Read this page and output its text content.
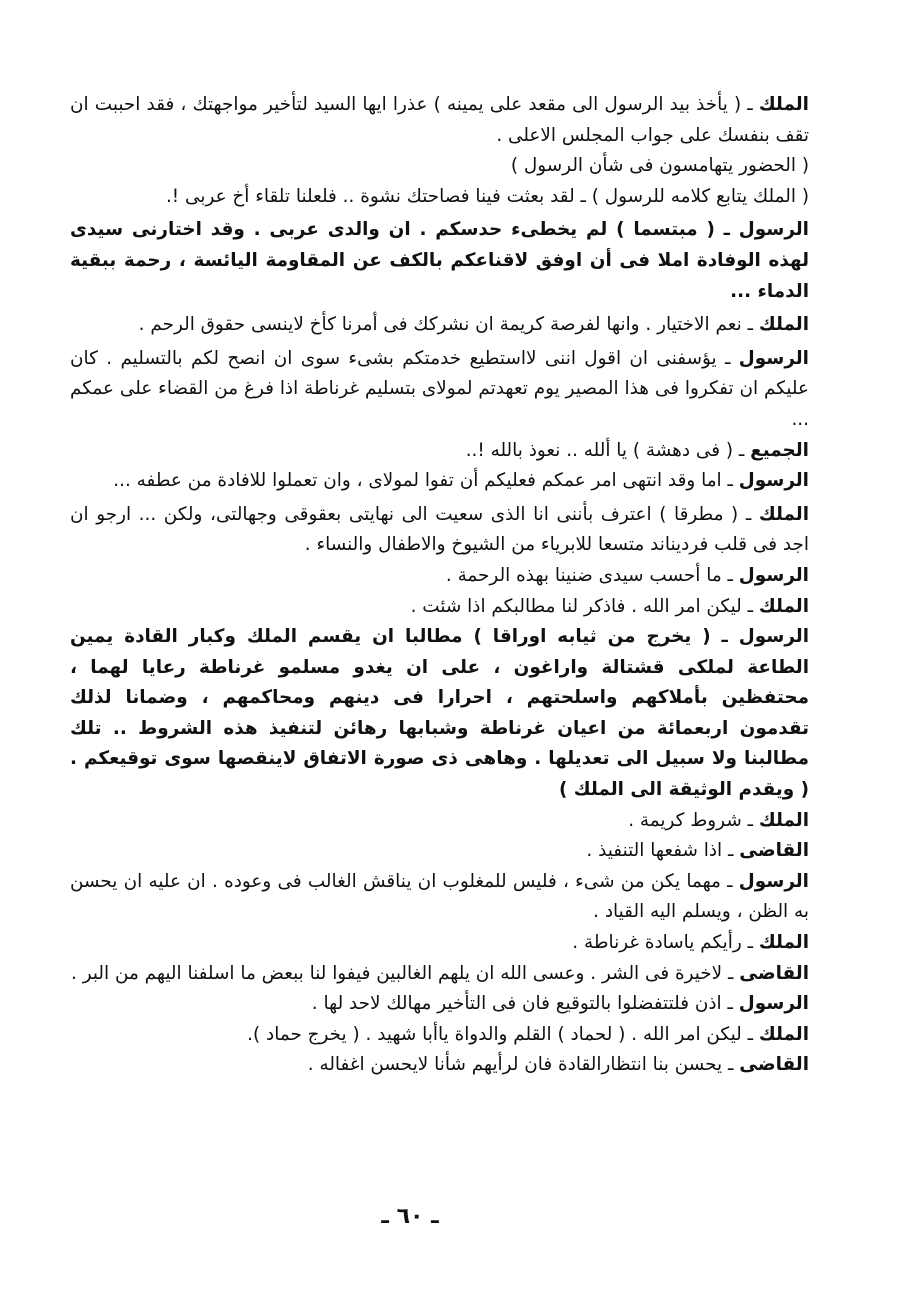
الملك ـ ( يأخذ بيد الرسول الى مقعد على يمينه ) عذرا ايها السيد لتأخير مواجهتك ، فقد احببت ان تقف بنفسك على جواب المجلس الاعلى .

( الحضور يتهامسون فى شأن الرسول )

( الملك يتابع كلامه للرسول ) ـ لقد بعثت فينا فصاحتك نشوة .. فلعلنا تلقاء أخ عربى !.

الرسول ـ ( مبتسما ) لم يخطىء حدسكم . ان والدى عربى . وقد اختارنى سيدى لهذه الوفادة املا فى أن اوفق لاقناعكم بالكف عن المقاومة اليائسة ، رحمة ببقية الدماء ...

الملك ـ نعم الاختيار . وانها لفرصة كريمة ان نشركك فى أمرنا كأخ لاينسى حقوق الرحم .

الرسول ـ يؤسفنى ان اقول اننى لااستطيع خدمتكم بشىء سوى ان انصح لكم بالتسليم . كان عليكم ان تفكروا فى هذا المصير يوم تعهدتم لمولاى بتسليم غرناطة اذا فرغ من القضاء على عمكم ...

الجميع ـ ( فى دهشة ) يا ألله .. نعوذ بالله !..

الرسول ـ اما وقد انتهى امر عمكم فعليكم أن تفوا لمولاى ، وان تعملوا للافادة من عطفه ...

الملك ـ ( مطرقا ) اعترف بأننى انا الذى سعيت الى نهايتى بعقوقى وجهالتى، ولكن ... ارجو ان اجد فى قلب فرديناند متسعا للابرياء من الشيوخ والاطفال والنساء .

الرسول ـ ما أحسب سيدى ضنينا بهذه الرحمة .

الملك ـ ليكن امر الله . فاذكر لنا مطالبكم اذا شئت .

الرسول ـ ( يخرج من ثيابه اوراقا ) مطالبا ان يقسم الملك وكبار القادة يمين الطاعة لملكى قشتالة واراغون ، على ان يغدو مسلمو غرناطة رعايا لهما ، محتفظين بأملاكهم واسلحتهم ، احرارا فى دينهم ومحاكمهم ، وضمانا لذلك تقدمون اربعمائة من اعيان غرناطة وشبابها رهائن لتنفيذ هذه الشروط .. تلك مطالبنا ولا سبيل الى تعديلها . وهاهى ذى صورة الاتفاق لاينقصها سوى توقيعكم . ( ويقدم الوثيقة الى الملك )

الملك ـ شروط كريمة .

القاضى ـ اذا شفعها التنفيذ .

الرسول ـ مهما يكن من شىء ، فليس للمغلوب ان يناقش الغالب فى وعوده . ان عليه ان يحسن به الظن ، ويسلم اليه القياد .

الملك ـ رأيكم ياسادة غرناطة .

القاضى ـ لاخيرة فى الشر . وعسى الله ان يلهم الغالبين فيفوا لنا ببعض ما اسلفنا اليهم من البر .

الرسول ـ اذن فلتتفضلوا بالتوقيع فان فى التأخير مهالك لاحد لها .

الملك ـ ليكن امر الله . ( لحماد ) القلم والدواة ياأبا شهيد . ( يخرج حماد ).

القاضى ـ يحسن بنا انتظارالقادة فان لرأيهم شأنا لايحسن اغفاله .

ـ ٦٠ ـ
